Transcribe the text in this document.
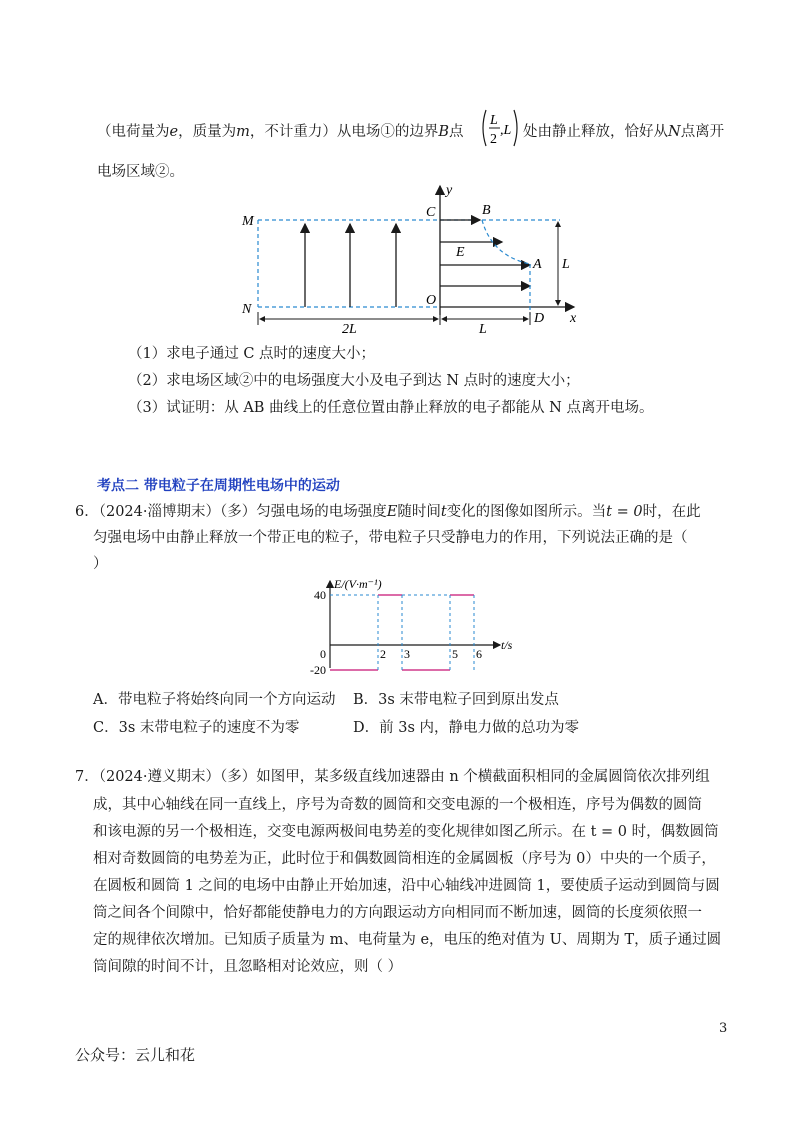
（电荷量为e，质量为m，不计重力）从电场①的边界B点
L
2
,L 处由静止释放，恰好从N点离开
电场区域②。
M
N
C	B
E
A
O
D x
y
L
2L	L
（1）求电子通过 C 点时的速度大小；
（2）求电场区域②中的电场强度大小及电子到达 N 点时的速度大小；
（3）试证明：从 AB 曲线上的任意位置由静止释放的电子都能从 N 点离开电场。
考点二 带电粒子在周期性电场中的运动
6．（2024·淄博期末）（多）匀强电场的电场强度E随时间t变化的图像如图所示。当t = 0时，在此
匀强电场中由静止释放一个带正电的粒子，带电粒子只受静电力的作用，下列说法正确的是（
）
E/(V·m⁻¹)
t/s
0	2 3	5 6
40
-20
A．带电粒子将始终向同一个方向运动 B．3s 末带电粒子回到原出发点
C．3s 末带电粒子的速度不为零	D．前 3s 内，静电力做的总功为零
7．（2024·遵义期末）（多）如图甲，某多级直线加速器由 n 个横截面积相同的金属圆筒依次排列组
成，其中心轴线在同一直线上，序号为奇数的圆筒和交变电源的一个极相连，序号为偶数的圆筒
和该电源的另一个极相连，交变电源两极间电势差的变化规律如图乙所示。在 t = 0 时，偶数圆筒
相对奇数圆筒的电势差为正，此时位于和偶数圆筒相连的金属圆板（序号为 0）中央的一个质子，
在圆板和圆筒 1 之间的电场中由静止开始加速，沿中心轴线冲进圆筒 1，要使质子运动到圆筒与圆
筒之间各个间隙中，恰好都能使静电力的方向跟运动方向相同而不断加速，圆筒的长度须依照一
定的规律依次增加。已知质子质量为 m、电荷量为 e，电压的绝对值为 U、周期为 T，质子通过圆
筒间隙的时间不计，且忽略相对论效应，则（ ）
3
公众号：云儿和花
